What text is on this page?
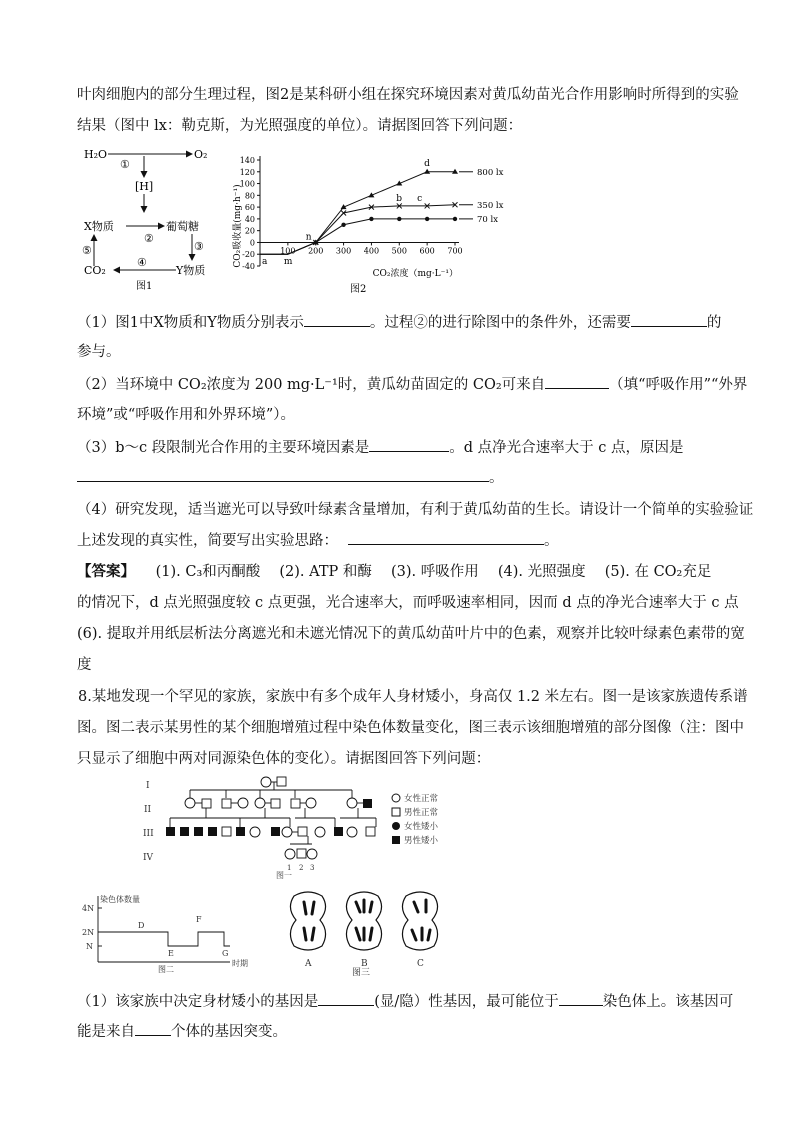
叶肉细胞内的部分生理过程，图2是某科研小组在探究环境因素对黄瓜幼苗光合作用影响时所得到的实验
结果（图中 lx：勒克斯，为光照强度的单位）。请据图回答下列问题：
H₂O	O₂
①
[H]
X物质	葡萄糖
②
⑤	③
CO₂
④
Y物质
图1
CO₂吸收量(mg·h⁻¹)
CO₂浓度（mg·L⁻¹）
图2
-40
-20
0
20
40
60
80
100
120
140
100 200 300 400 500 600 700
800 lx
350 lx
70 lx
a m
n
b c
d
（1）图1中X物质和Y物质分别表示	。过程②的进行除图中的条件外，还需要	的
参与。
（2）当环境中 CO₂浓度为 200 mg·L⁻¹时，黄瓜幼苗固定的 CO₂可来自	（填“呼吸作用”“外界
环境”或“呼吸作用和外界环境”）。
（3）b～c 段限制光合作用的主要环境因素是	。d 点净光合速率大于 c 点，原因是
。
（4）研究发现，适当遮光可以导致叶绿素含量增加，有利于黄瓜幼苗的生长。请设计一个简单的实验验证
上述发现的真实性，简要写出实验思路：	。
【答案】 (1). C₃和丙酮酸　 (2). ATP 和酶　 (3). 呼吸作用　 (4). 光照强度　 (5). 在 CO₂充足
的情况下，d 点光照强度较 c 点更强，光合速率大，而呼吸速率相同，因而 d 点的净光合速率大于 c 点
(6). 提取并用纸层析法分离遮光和未遮光情况下的黄瓜幼苗叶片中的色素，观察并比较叶绿素色素带的宽
度
8.某地发现一个罕见的家族，家族中有多个成年人身材矮小，身高仅 1.2 米左右。图一是该家族遗传系谱
图。图二表示某男性的某个细胞增殖过程中染色体数量变化，图三表示该细胞增殖的部分图像（注：图中
只显示了细胞中两对同源染色体的变化）。请据图回答下列问题：
I
II
III
IV
1 2 3
女性正常
男性正常
女性矮小
男性矮小
图一
染色体数量
4N
2N
N
时期
D
E
F
G
图二
A	B	C
图三
（1）该家族中决定身材矮小的基因是	(显/隐）性基因，最可能位于	染色体上。该基因可
能是来自 个体的基因突变。
